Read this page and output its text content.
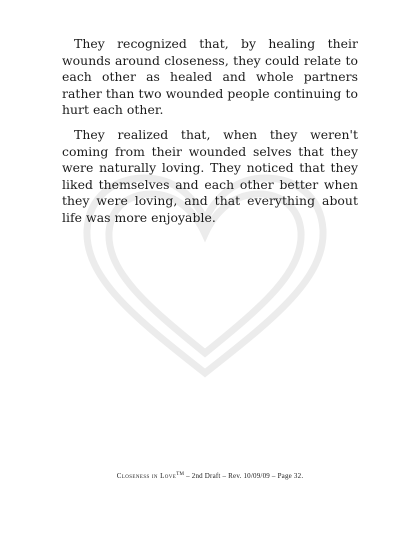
They recognized that, by healing their wounds around closeness, they could relate to each other as healed and whole partners rather than two wounded people continuing to hurt each other.

They realized that, when they weren't coming from their wounded selves that they were naturally loving. They noticed that they liked themselves and each other better when they were loving, and that everything about life was more enjoyable.

Closeness in Love™ – 2nd Draft – Rev. 10/09/09 – Page 32.
